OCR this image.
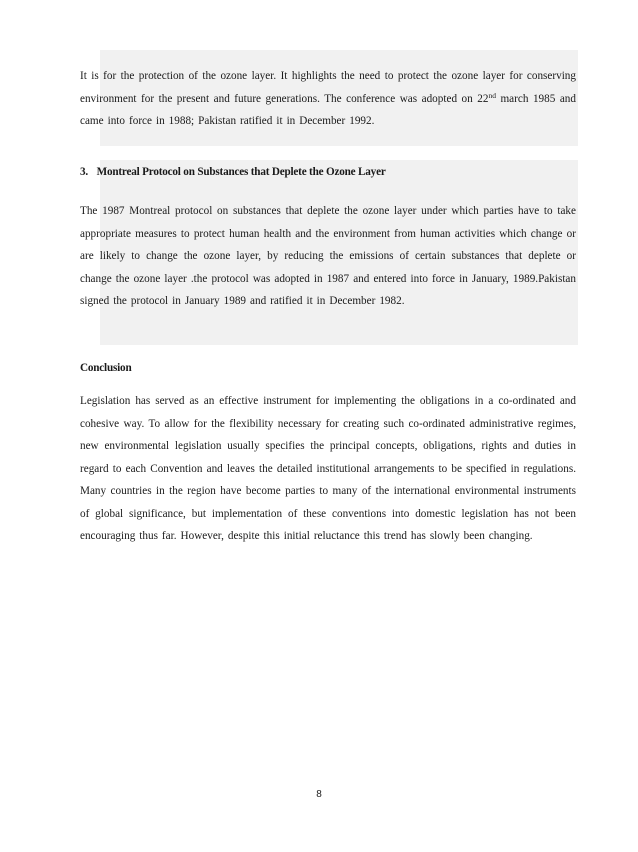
It is for the protection of the ozone layer. It highlights the need to protect the ozone layer for conserving environment for the present and future generations. The conference was adopted on 22nd march 1985 and came into force in 1988; Pakistan ratified it in December 1992.

3. Montreal Protocol on Substances that Deplete the Ozone Layer

The 1987 Montreal protocol on substances that deplete the ozone layer under which parties have to take appropriate measures to protect human health and the environment from human activities which change or are likely to change the ozone layer, by reducing the emissions of certain substances that deplete or change the ozone layer .the protocol was adopted in 1987 and entered into force in January, 1989.Pakistan signed the protocol in January 1989 and ratified it in December 1982.

Conclusion

Legislation has served as an effective instrument for implementing the obligations in a co-ordinated and cohesive way. To allow for the flexibility necessary for creating such co-ordinated administrative regimes, new environmental legislation usually specifies the principal concepts, obligations, rights and duties in regard to each Convention and leaves the detailed institutional arrangements to be specified in regulations. Many countries in the region have become parties to many of the international environmental instruments of global significance, but implementation of these conventions into domestic legislation has not been encouraging thus far. However, despite this initial reluctance this trend has slowly been changing.

8
